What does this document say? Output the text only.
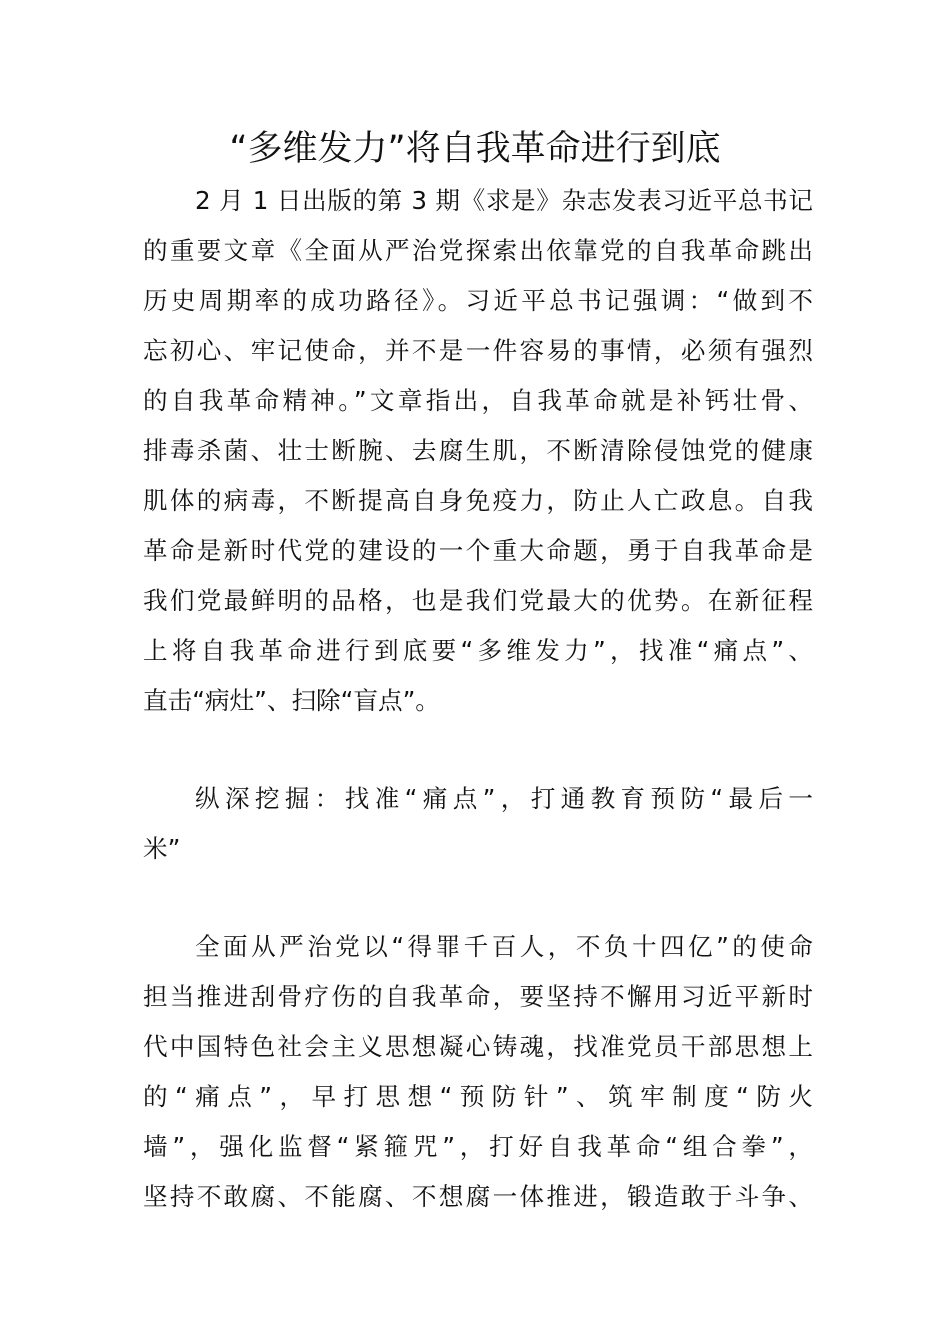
“多维发力”将自我革命进行到底
2 月 1 日出版的第 3 期《求是》杂志发表习近平总书记
的重要文章《全面从严治党探索出依靠党的自我革命跳出
历史周期率的成功路径》。习近平总书记强调：“做到不
忘初心、牢记使命，并不是一件容易的事情，必须有强烈
的自我革命精神。”文章指出，自我革命就是补钙壮骨、
排毒杀菌、壮士断腕、去腐生肌，不断清除侵蚀党的健康
肌体的病毒，不断提高自身免疫力，防止人亡政息。自我
革命是新时代党的建设的一个重大命题，勇于自我革命是
我们党最鲜明的品格，也是我们党最大的优势。在新征程
上将自我革命进行到底要“多维发力”，找准“痛点”、
直击“病灶”、扫除“盲点”。
纵深挖掘：找准“痛点”，打通教育预防“最后一
米”
全面从严治党以“得罪千百人，不负十四亿”的使命
担当推进刮骨疗伤的自我革命，要坚持不懈用习近平新时
代中国特色社会主义思想凝心铸魂，找准党员干部思想上
的“痛点”，早打思想“预防针”、筑牢制度“防火
墙”，强化监督“紧箍咒”，打好自我革命“组合拳”，
坚持不敢腐、不能腐、不想腐一体推进，锻造敢于斗争、
